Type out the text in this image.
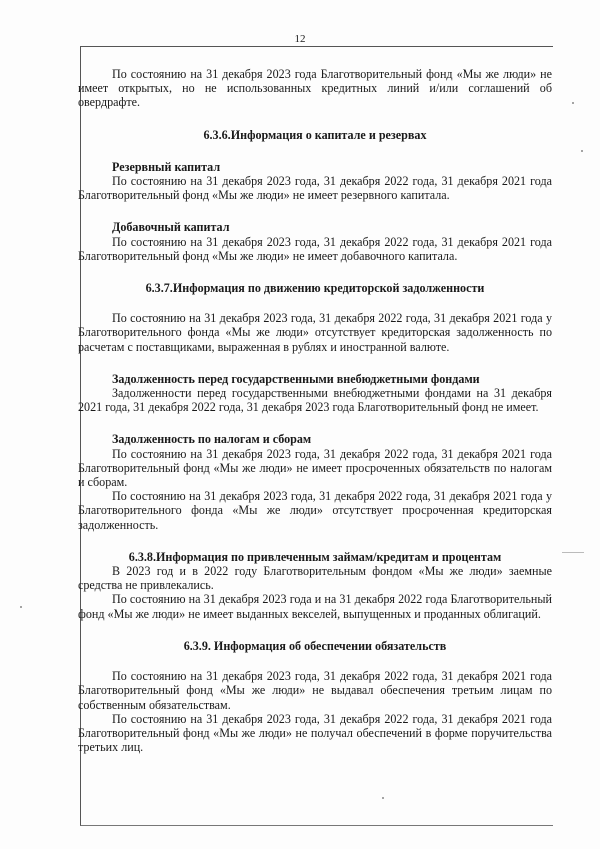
12

По состоянию на 31 декабря 2023 года Благотворительный фонд «Мы же люди» не имеет открытых, но не использованных кредитных линий и/или соглашений об овердрафте.

6.3.6.Информация о капитале и резервах

Резервный капитал

По состоянию на 31 декабря 2023 года, 31 декабря 2022 года, 31 декабря 2021 года Благотворительный фонд «Мы же люди» не имеет резервного капитала.

Добавочный капитал

По состоянию на 31 декабря 2023 года, 31 декабря 2022 года, 31 декабря 2021 года Благотворительный фонд «Мы же люди» не имеет добавочного капитала.

6.3.7.Информация по движению кредиторской задолженности

По состоянию на 31 декабря 2023 года, 31 декабря 2022 года, 31 декабря 2021 года у Благотворительного фонда «Мы же люди» отсутствует кредиторская задолженность по расчетам с поставщиками, выраженная в рублях и иностранной валюте.

Задолженность перед государственными внебюджетными фондами

Задолженности перед государственными внебюджетными фондами на 31 декабря 2021 года, 31 декабря 2022 года, 31 декабря 2023 года Благотворительный фонд не имеет.

Задолженность по налогам и сборам

По состоянию на 31 декабря 2023 года, 31 декабря 2022 года, 31 декабря 2021 года Благотворительный фонд «Мы же люди» не имеет просроченных обязательств по налогам и сборам.

По состоянию на 31 декабря 2023 года, 31 декабря 2022 года, 31 декабря 2021 года у Благотворительного фонда «Мы же люди» отсутствует просроченная кредиторская задолженность.

6.3.8.Информация по привлеченным займам/кредитам и процентам

В 2023 год и в 2022 году Благотворительным фондом «Мы же люди» заемные средства не привлекались.

По состоянию на 31 декабря 2023 года и на 31 декабря 2022 года Благотворительный фонд «Мы же люди» не имеет выданных векселей, выпущенных и проданных облигаций.

6.3.9. Информация об обеспечении обязательств

По состоянию на 31 декабря 2023 года, 31 декабря 2022 года, 31 декабря 2021 года Благотворительный фонд «Мы же люди» не выдавал обеспечения третьим лицам по собственным обязательствам.

По состоянию на 31 декабря 2023 года, 31 декабря 2022 года, 31 декабря 2021 года Благотворительный фонд «Мы же люди» не получал обеспечений в форме поручительства третьих лиц.
